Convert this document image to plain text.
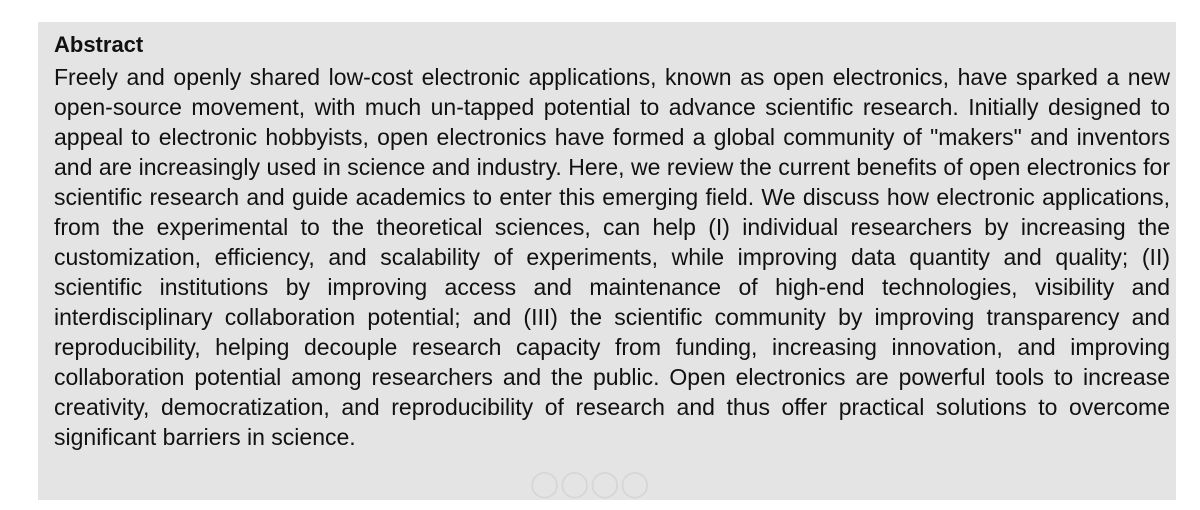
Abstract

Freely and openly shared low-cost electronic applications, known as open electronics, have sparked a new open-source movement, with much un-tapped potential to advance scientific research. Initially designed to appeal to electronic hobbyists, open electronics have formed a global community of "makers" and inventors and are increasingly used in science and industry. Here, we review the current benefits of open electronics for scientific research and guide academics to enter this emerging field. We discuss how electronic applications, from the experimental to the theoretical sciences, can help (I) individual researchers by increasing the customization, efficiency, and scalability of experiments, while improving data quantity and quality; (II) scientific institutions by improving access and maintenance of high-end technologies, visibility and interdisciplinary collaboration potential; and (III) the scientific community by improving transparency and reproducibility, helping decouple research capacity from funding, increasing innovation, and improving collaboration potential among researchers and the public. Open electronics are powerful tools to increase creativity, democratization, and reproducibility of research and thus offer practical solutions to overcome significant barriers in science.
